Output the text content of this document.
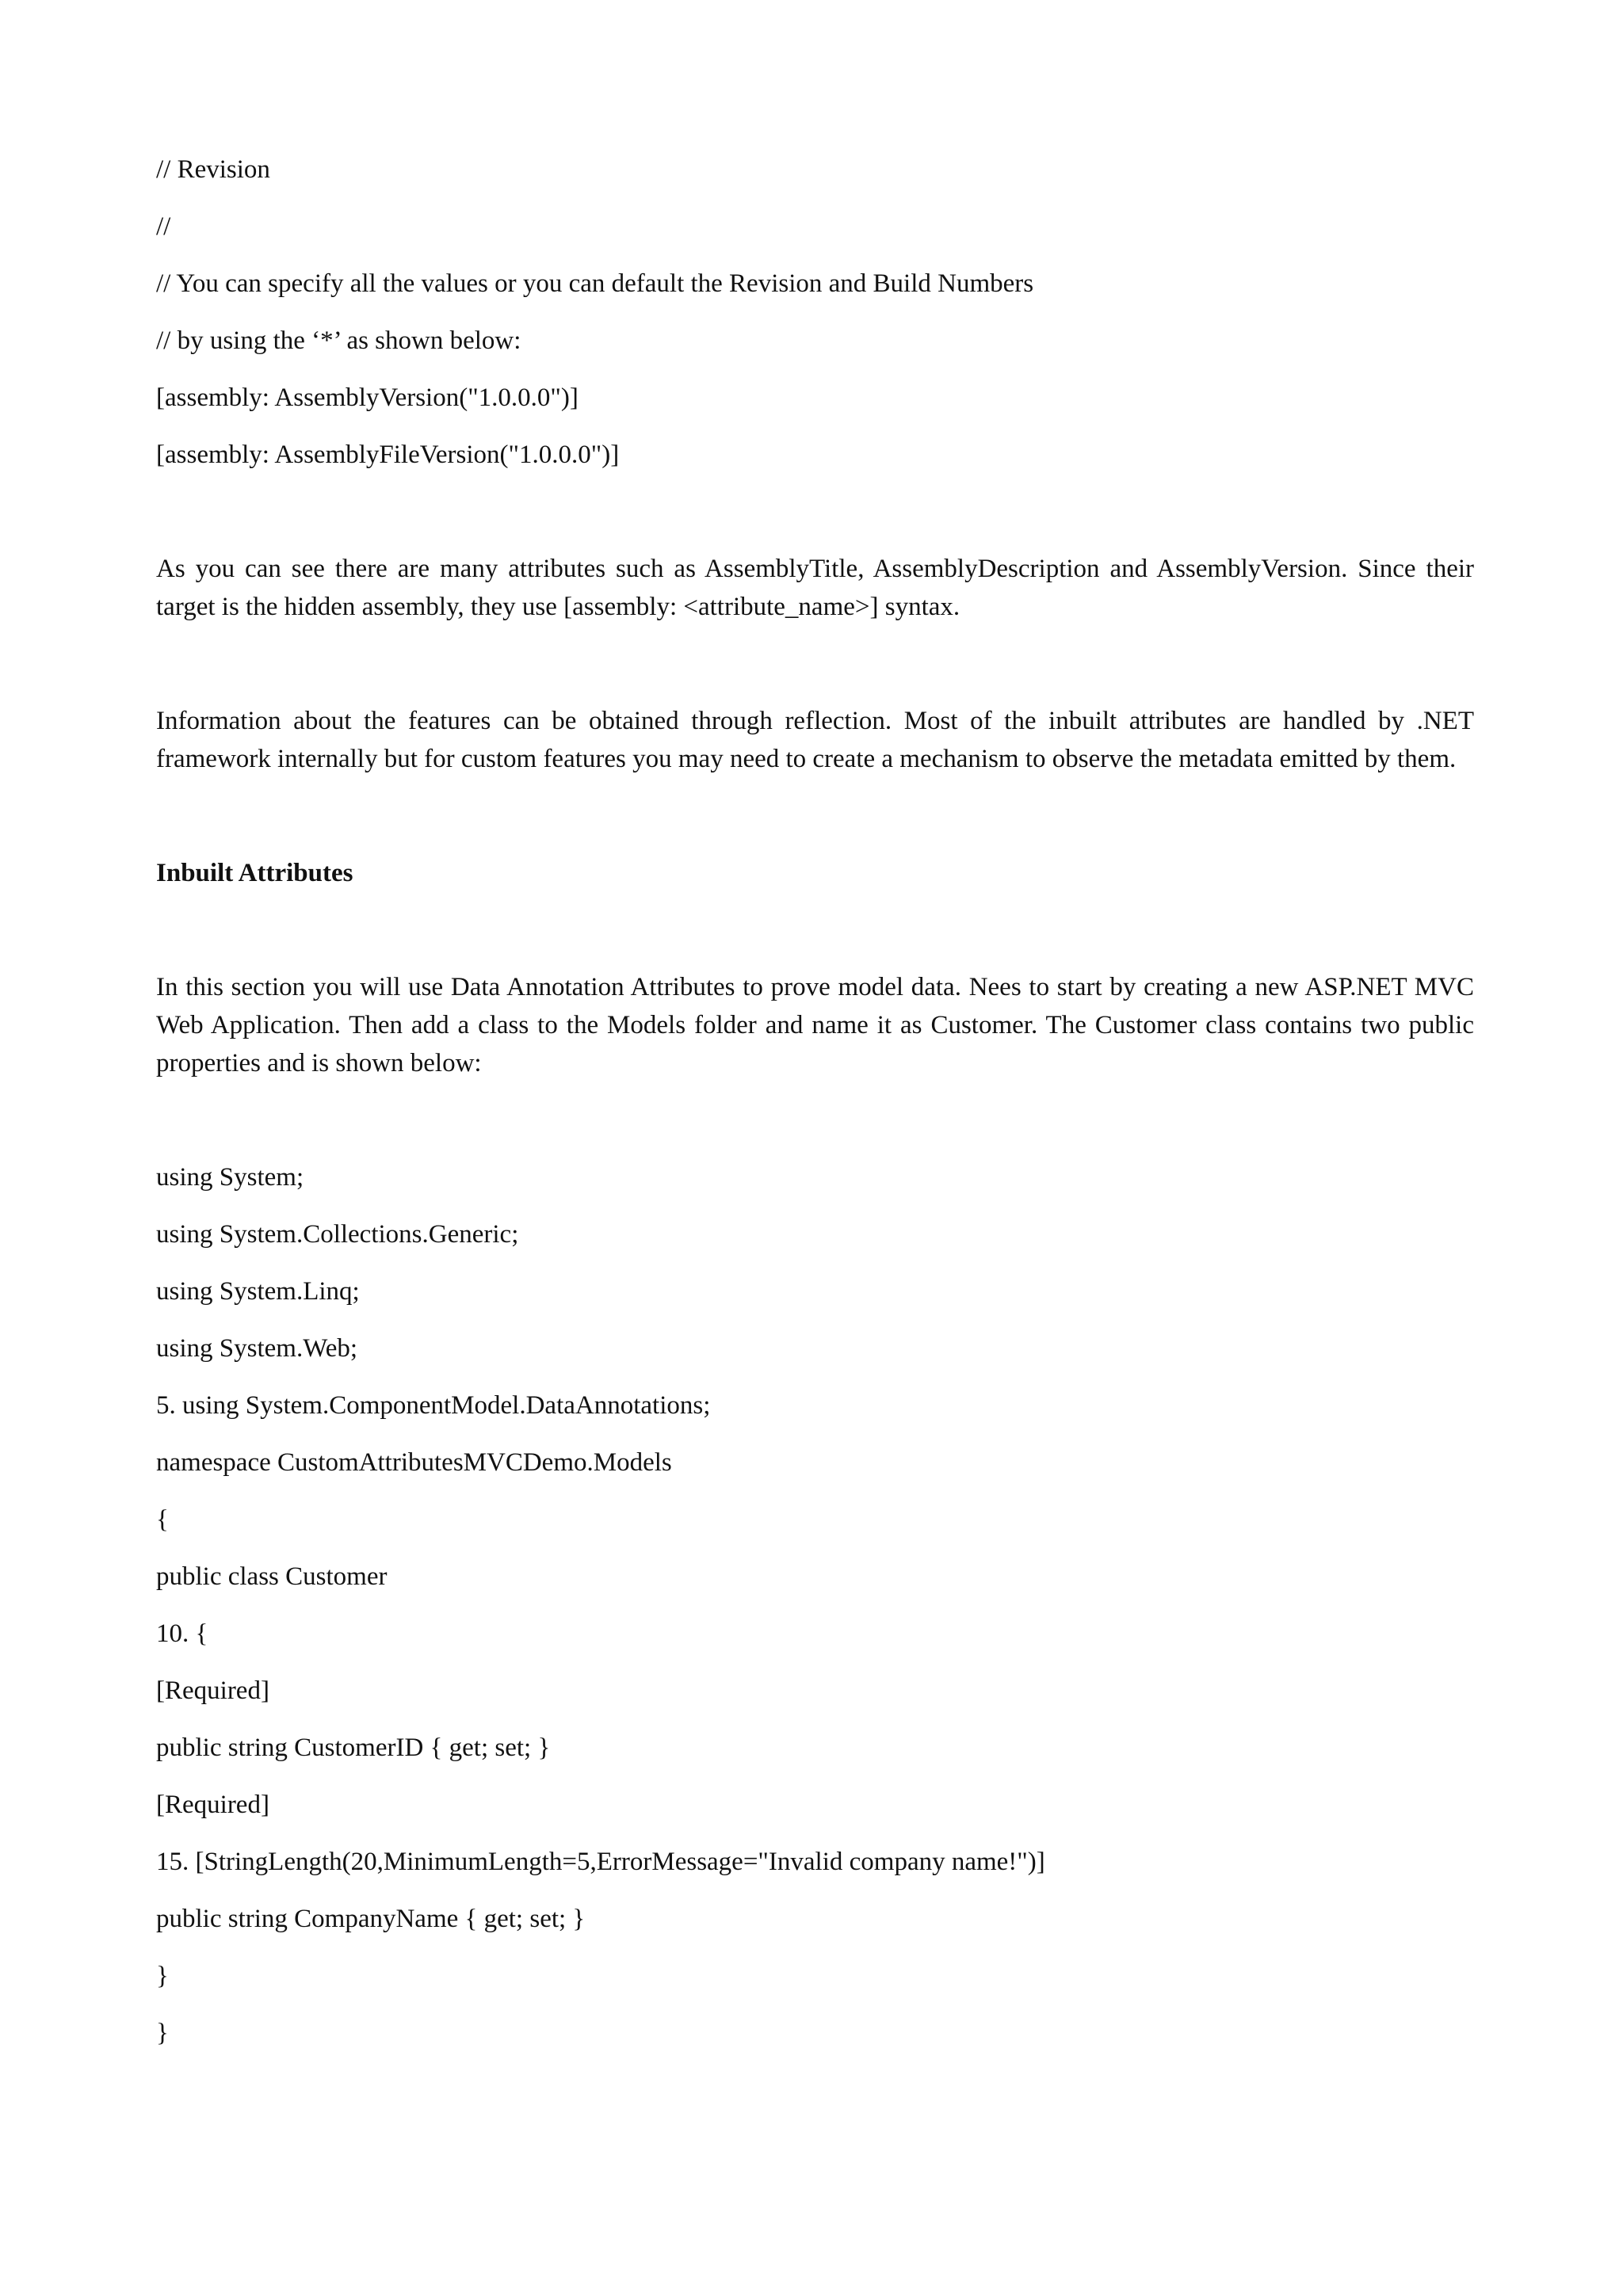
// Revision
//
// You can specify all the values or you can default the Revision and Build Numbers
// by using the ‘*’ as shown below:
[assembly: AssemblyVersion("1.0.0.0")]
[assembly: AssemblyFileVersion("1.0.0.0")]

As you can see there are many attributes such as AssemblyTitle, AssemblyDescription and AssemblyVersion. Since their target is the hidden assembly, they use [assembly: <attribute_name>] syntax.

Information about the features can be obtained through reflection. Most of the inbuilt attributes are handled by .NET framework internally but for custom features you may need to create a mechanism to observe the metadata emitted by them.

Inbuilt Attributes

In this section you will use Data Annotation Attributes to prove model data. Nees to start by creating a new ASP.NET MVC Web Application. Then add a class to the Models folder and name it as Customer. The Customer class contains two public properties and is shown below:

using System;
using System.Collections.Generic;
using System.Linq;
using System.Web;
5. using System.ComponentModel.DataAnnotations;
namespace CustomAttributesMVCDemo.Models
{
public class Customer
10. {
[Required]
public string CustomerID { get; set; }
[Required]
15. [StringLength(20,MinimumLength=5,ErrorMessage="Invalid company name!")]
public string CompanyName { get; set; }
}
}
